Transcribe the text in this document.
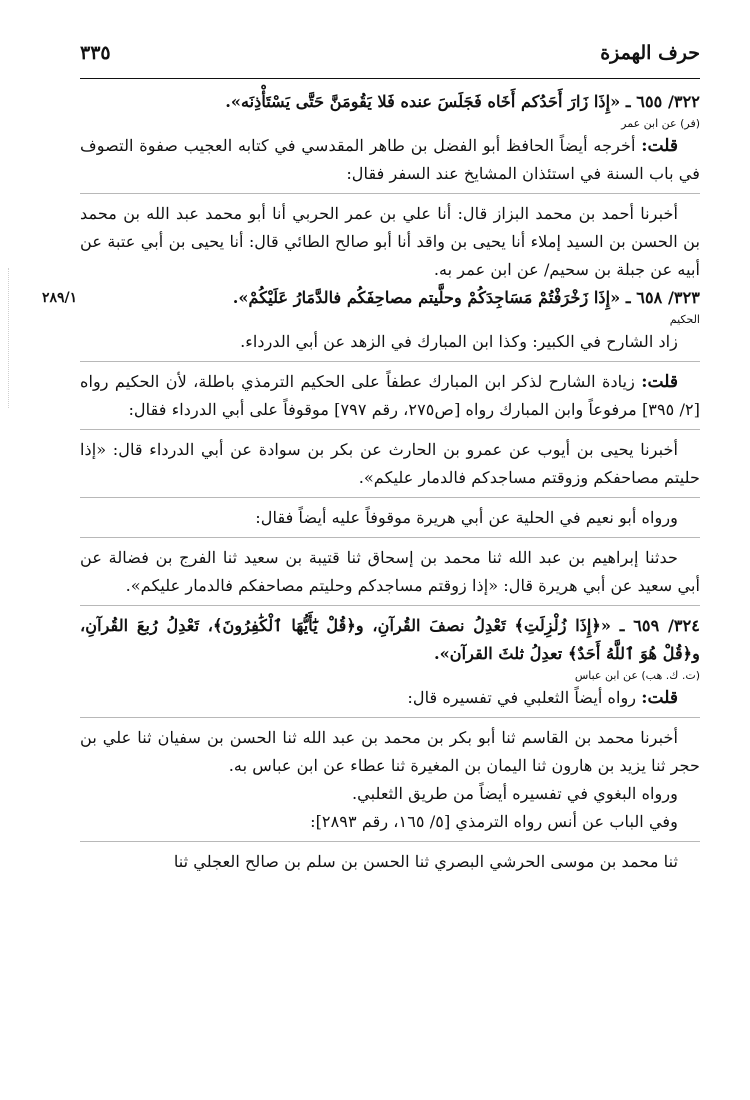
حرف الهمزة
٣٣٥
٢٨٩/١

٣٢٢/ ٦٥٥ ـ «إِذَا زَارَ أَحَدُكم أَخَاه فَجَلَسَ عنده فَلا يَقُومَنَّ حَتَّى يَسْتَأْذِنَه».

(فر) عن ابن عمر

قلت: أخرجه أيضاً الحافظ أبو الفضل بن طاهر المقدسي في كتابه العجيب صفوة التصوف في باب السنة في استئذان المشايخ عند السفر فقال:

أخبرنا أحمد بن محمد البزاز قال: أنا علي بن عمر الحربي أنا أبو محمد عبد الله بن محمد بن الحسن بن السيد إملاء أنا يحيى بن واقد أنا أبو صالح الطائي قال: أنا يحيى بن أبي عتبة عن أبيه عن جبلة بن سحيم/ عن ابن عمر به.

٣٢٣/ ٦٥٨ ـ «إِذَا زَخْرَفْتُمْ مَسَاجِدَكُمْ وحلَّيتم مصاحِفَكُم فالدَّمَارُ عَلَيْكُمْ».

الحكيم

زاد الشارح في الكبير: وكذا ابن المبارك في الزهد عن أبي الدرداء.

قلت: زيادة الشارح لذكر ابن المبارك عطفاً على الحكيم الترمذي باطلة، لأن الحكيم رواه [٢/ ٣٩٥] مرفوعاً وابن المبارك رواه [ص٢٧٥، رقم ٧٩٧] موقوفاً على أبي الدرداء فقال:

أخبرنا يحيى بن أيوب عن عمرو بن الحارث عن بكر بن سوادة عن أبي الدرداء قال: «إذا حليتم مصاحفكم وزوقتم مساجدكم فالدمار عليكم».

ورواه أبو نعيم في الحلية عن أبي هريرة موقوفاً عليه أيضاً فقال:

حدثنا إبراهيم بن عبد الله ثنا محمد بن إسحاق ثنا قتيبة بن سعيد ثنا الفرج بن فضالة عن أبي سعيد عن أبي هريرة قال: «إذا زوقتم مساجدكم وحليتم مصاحفكم فالدمار عليكم».

٣٢٤/ ٦٥٩ ـ «﴿إِذَا زُلْزِلَتِ﴾ تَعْدِلُ نصفَ القُرآنِ، و﴿قُلْ يَٰٓأَيُّهَا ٱلْكَٰفِرُونَ﴾، تَعْدِلُ رُبعَ القُرآنِ، و﴿قُلْ هُوَ ٱللَّهُ أَحَدٌ﴾ تعدِلُ ثلثَ القرآن».

(ت. ك. هب) عن ابن عباس

قلت: رواه أيضاً الثعلبي في تفسيره قال:

أخبرنا محمد بن القاسم ثنا أبو بكر بن محمد بن عبد الله ثنا الحسن بن سفيان ثنا علي بن حجر ثنا يزيد بن هارون ثنا اليمان بن المغيرة ثنا عطاء عن ابن عباس به.

ورواه البغوي في تفسيره أيضاً من طريق الثعلبي.

وفي الباب عن أنس رواه الترمذي [٥/ ١٦٥، رقم ٢٨٩٣]:

ثنا محمد بن موسى الحرشي البصري ثنا الحسن بن سلم بن صالح العجلي ثنا
